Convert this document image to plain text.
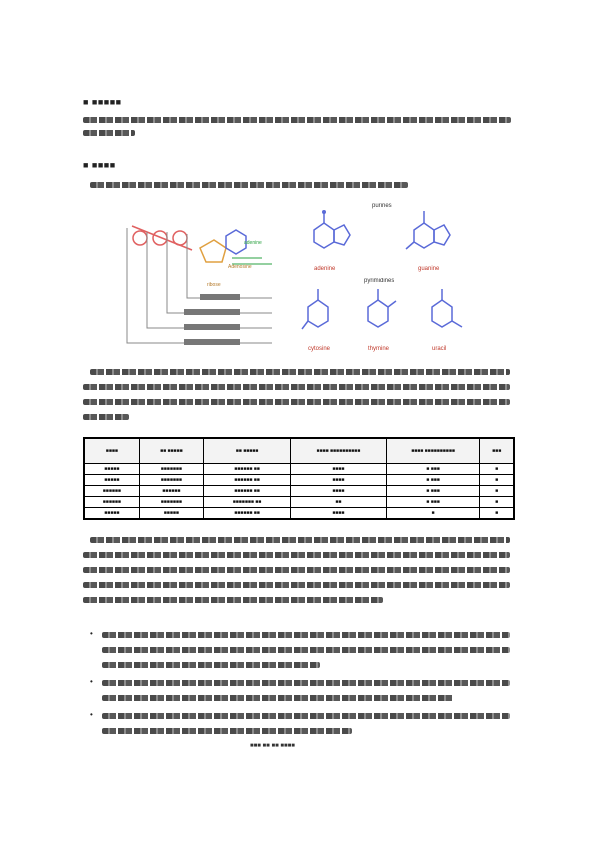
■ ■■■■■
■ ■■■■
Adenosine
adenine
ribose
purines
pyrimidines
adenine	guanine
cytosine	thymine	uracil
■■■■	■■ ■■■■■	■■ ■■■■■	■■■■ ■■■■■■■■■■	■■■■ ■■■■■■■■■■	■■■
■■■■■	■■■■■■■	■■■■■■ ■■	■■■■	■ ■■■	■
■■■■■	■■■■■■■	■■■■■■ ■■	■■■■	■ ■■■	■
■■■■■■	■■■■■■	■■■■■■ ■■	■■■■	■ ■■■	■
■■■■■■	■■■■■■■	■■■■■■■ ■■	■■	■ ■■■	■
■■■■■	■■■■■	■■■■■■ ■■	■■■■	■	■
•
•
•
■■■ ■■ ■■ ■■■■
